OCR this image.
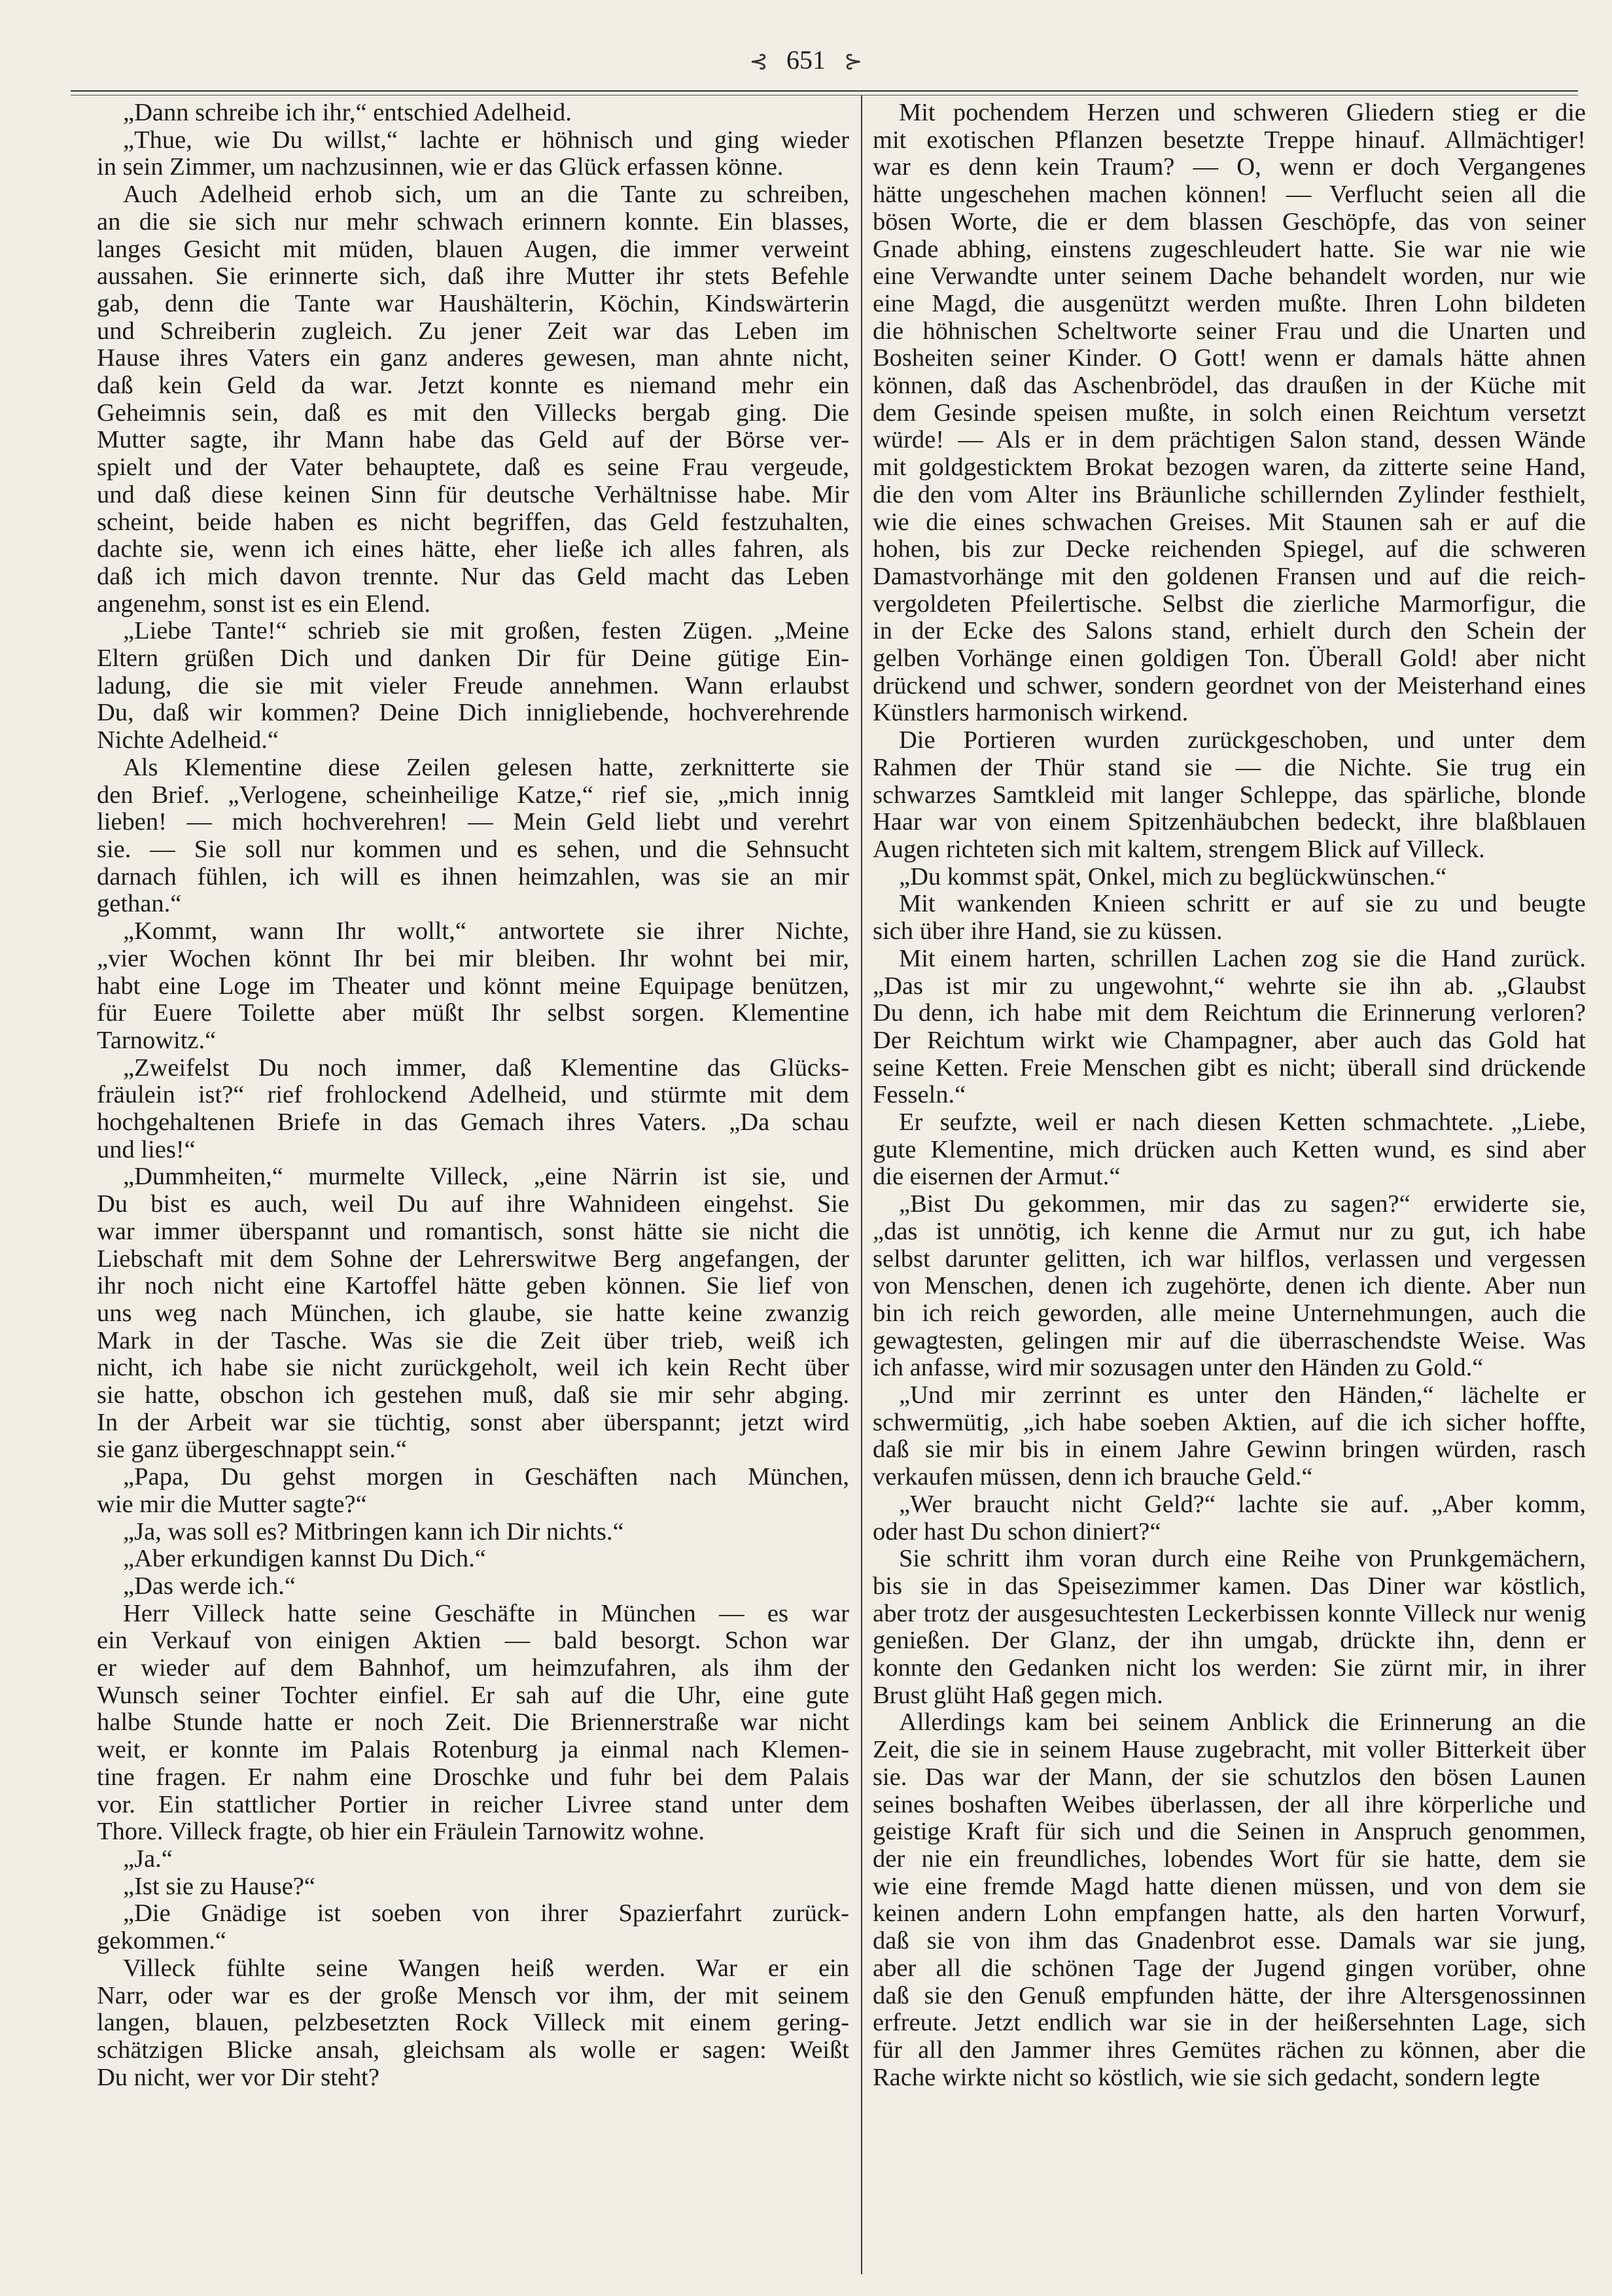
⊰ 651 ⊱

„Dann schreibe ich ihr,“ entschied Adelheid.

„Thue, wie Du willst,“ lachte er höhnisch und ging wieder
in sein Zimmer, um nachzusinnen, wie er das Glück erfassen könne.

Auch Adelheid erhob sich, um an die Tante zu schreiben,
an die sie sich nur mehr schwach erinnern konnte. Ein blasses,
langes Gesicht mit müden, blauen Augen, die immer verweint
aussahen. Sie erinnerte sich, daß ihre Mutter ihr stets Befehle
gab, denn die Tante war Haushälterin, Köchin, Kindswärterin
und Schreiberin zugleich. Zu jener Zeit war das Leben im
Hause ihres Vaters ein ganz anderes gewesen, man ahnte nicht,
daß kein Geld da war. Jetzt konnte es niemand mehr ein
Geheimnis sein, daß es mit den Villecks bergab ging. Die
Mutter sagte, ihr Mann habe das Geld auf der Börse ver-
spielt und der Vater behauptete, daß es seine Frau vergeude,
und daß diese keinen Sinn für deutsche Verhältnisse habe. Mir
scheint, beide haben es nicht begriffen, das Geld festzuhalten,
dachte sie, wenn ich eines hätte, eher ließe ich alles fahren, als
daß ich mich davon trennte. Nur das Geld macht das Leben
angenehm, sonst ist es ein Elend.

„Liebe Tante!“ schrieb sie mit großen, festen Zügen. „Meine
Eltern grüßen Dich und danken Dir für Deine gütige Ein-
ladung, die sie mit vieler Freude annehmen. Wann erlaubst
Du, daß wir kommen? Deine Dich innigliebende, hochverehrende
Nichte Adelheid.“

Als Klementine diese Zeilen gelesen hatte, zerknitterte sie
den Brief. „Verlogene, scheinheilige Katze,“ rief sie, „mich innig
lieben! — mich hochverehren! — Mein Geld liebt und verehrt
sie. — Sie soll nur kommen und es sehen, und die Sehnsucht
darnach fühlen, ich will es ihnen heimzahlen, was sie an mir
gethan.“

„Kommt, wann Ihr wollt,“ antwortete sie ihrer Nichte,
„vier Wochen könnt Ihr bei mir bleiben. Ihr wohnt bei mir,
habt eine Loge im Theater und könnt meine Equipage benützen,
für Euere Toilette aber müßt Ihr selbst sorgen. Klementine
Tarnowitz.“

„Zweifelst Du noch immer, daß Klementine das Glücks-
fräulein ist?“ rief frohlockend Adelheid, und stürmte mit dem
hochgehaltenen Briefe in das Gemach ihres Vaters. „Da schau
und lies!“

„Dummheiten,“ murmelte Villeck, „eine Närrin ist sie, und
Du bist es auch, weil Du auf ihre Wahnideen eingehst. Sie
war immer überspannt und romantisch, sonst hätte sie nicht die
Liebschaft mit dem Sohne der Lehrerswitwe Berg angefangen, der
ihr noch nicht eine Kartoffel hätte geben können. Sie lief von
uns weg nach München, ich glaube, sie hatte keine zwanzig
Mark in der Tasche. Was sie die Zeit über trieb, weiß ich
nicht, ich habe sie nicht zurückgeholt, weil ich kein Recht über
sie hatte, obschon ich gestehen muß, daß sie mir sehr abging.
In der Arbeit war sie tüchtig, sonst aber überspannt; jetzt wird
sie ganz übergeschnappt sein.“

„Papa, Du gehst morgen in Geschäften nach München,
wie mir die Mutter sagte?“

„Ja, was soll es? Mitbringen kann ich Dir nichts.“

„Aber erkundigen kannst Du Dich.“

„Das werde ich.“

Herr Villeck hatte seine Geschäfte in München — es war
ein Verkauf von einigen Aktien — bald besorgt. Schon war
er wieder auf dem Bahnhof, um heimzufahren, als ihm der
Wunsch seiner Tochter einfiel. Er sah auf die Uhr, eine gute
halbe Stunde hatte er noch Zeit. Die Briennerstraße war nicht
weit, er konnte im Palais Rotenburg ja einmal nach Klemen-
tine fragen. Er nahm eine Droschke und fuhr bei dem Palais
vor. Ein stattlicher Portier in reicher Livree stand unter dem
Thore. Villeck fragte, ob hier ein Fräulein Tarnowitz wohne.

„Ja.“

„Ist sie zu Hause?“

„Die Gnädige ist soeben von ihrer Spazierfahrt zurück-
gekommen.“

Villeck fühlte seine Wangen heiß werden. War er ein
Narr, oder war es der große Mensch vor ihm, der mit seinem
langen, blauen, pelzbesetzten Rock Villeck mit einem gering-
schätzigen Blicke ansah, gleichsam als wolle er sagen: Weißt
Du nicht, wer vor Dir steht?

Mit pochendem Herzen und schweren Gliedern stieg er die
mit exotischen Pflanzen besetzte Treppe hinauf. Allmächtiger!
war es denn kein Traum? — O, wenn er doch Vergangenes
hätte ungeschehen machen können! — Verflucht seien all die
bösen Worte, die er dem blassen Geschöpfe, das von seiner
Gnade abhing, einstens zugeschleudert hatte. Sie war nie wie
eine Verwandte unter seinem Dache behandelt worden, nur wie
eine Magd, die ausgenützt werden mußte. Ihren Lohn bildeten
die höhnischen Scheltworte seiner Frau und die Unarten und
Bosheiten seiner Kinder. O Gott! wenn er damals hätte ahnen
können, daß das Aschenbrödel, das draußen in der Küche mit
dem Gesinde speisen mußte, in solch einen Reichtum versetzt
würde! — Als er in dem prächtigen Salon stand, dessen Wände
mit goldgesticktem Brokat bezogen waren, da zitterte seine Hand,
die den vom Alter ins Bräunliche schillernden Zylinder festhielt,
wie die eines schwachen Greises. Mit Staunen sah er auf die
hohen, bis zur Decke reichenden Spiegel, auf die schweren
Damastvorhänge mit den goldenen Fransen und auf die reich-
vergoldeten Pfeilertische. Selbst die zierliche Marmorfigur, die
in der Ecke des Salons stand, erhielt durch den Schein der
gelben Vorhänge einen goldigen Ton. Überall Gold! aber nicht
drückend und schwer, sondern geordnet von der Meisterhand eines
Künstlers harmonisch wirkend.

Die Portieren wurden zurückgeschoben, und unter dem
Rahmen der Thür stand sie — die Nichte. Sie trug ein
schwarzes Samtkleid mit langer Schleppe, das spärliche, blonde
Haar war von einem Spitzenhäubchen bedeckt, ihre blaßblauen
Augen richteten sich mit kaltem, strengem Blick auf Villeck.

„Du kommst spät, Onkel, mich zu beglückwünschen.“

Mit wankenden Knieen schritt er auf sie zu und beugte
sich über ihre Hand, sie zu küssen.

Mit einem harten, schrillen Lachen zog sie die Hand zurück.
„Das ist mir zu ungewohnt,“ wehrte sie ihn ab. „Glaubst
Du denn, ich habe mit dem Reichtum die Erinnerung verloren?
Der Reichtum wirkt wie Champagner, aber auch das Gold hat
seine Ketten. Freie Menschen gibt es nicht; überall sind drückende
Fesseln.“

Er seufzte, weil er nach diesen Ketten schmachtete. „Liebe,
gute Klementine, mich drücken auch Ketten wund, es sind aber
die eisernen der Armut.“

„Bist Du gekommen, mir das zu sagen?“ erwiderte sie,
„das ist unnötig, ich kenne die Armut nur zu gut, ich habe
selbst darunter gelitten, ich war hilflos, verlassen und vergessen
von Menschen, denen ich zugehörte, denen ich diente. Aber nun
bin ich reich geworden, alle meine Unternehmungen, auch die
gewagtesten, gelingen mir auf die überraschendste Weise. Was
ich anfasse, wird mir sozusagen unter den Händen zu Gold.“

„Und mir zerrinnt es unter den Händen,“ lächelte er
schwermütig, „ich habe soeben Aktien, auf die ich sicher hoffte,
daß sie mir bis in einem Jahre Gewinn bringen würden, rasch
verkaufen müssen, denn ich brauche Geld.“

„Wer braucht nicht Geld?“ lachte sie auf. „Aber komm,
oder hast Du schon diniert?“

Sie schritt ihm voran durch eine Reihe von Prunkgemächern,
bis sie in das Speisezimmer kamen. Das Diner war köstlich,
aber trotz der ausgesuchtesten Leckerbissen konnte Villeck nur wenig
genießen. Der Glanz, der ihn umgab, drückte ihn, denn er
konnte den Gedanken nicht los werden: Sie zürnt mir, in ihrer
Brust glüht Haß gegen mich.

Allerdings kam bei seinem Anblick die Erinnerung an die
Zeit, die sie in seinem Hause zugebracht, mit voller Bitterkeit über
sie. Das war der Mann, der sie schutzlos den bösen Launen
seines boshaften Weibes überlassen, der all ihre körperliche und
geistige Kraft für sich und die Seinen in Anspruch genommen,
der nie ein freundliches, lobendes Wort für sie hatte, dem sie
wie eine fremde Magd hatte dienen müssen, und von dem sie
keinen andern Lohn empfangen hatte, als den harten Vorwurf,
daß sie von ihm das Gnadenbrot esse. Damals war sie jung,
aber all die schönen Tage der Jugend gingen vorüber, ohne
daß sie den Genuß empfunden hätte, der ihre Altersgenossinnen
erfreute. Jetzt endlich war sie in der heißersehnten Lage, sich
für all den Jammer ihres Gemütes rächen zu können, aber die
Rache wirkte nicht so köstlich, wie sie sich gedacht, sondern legte
